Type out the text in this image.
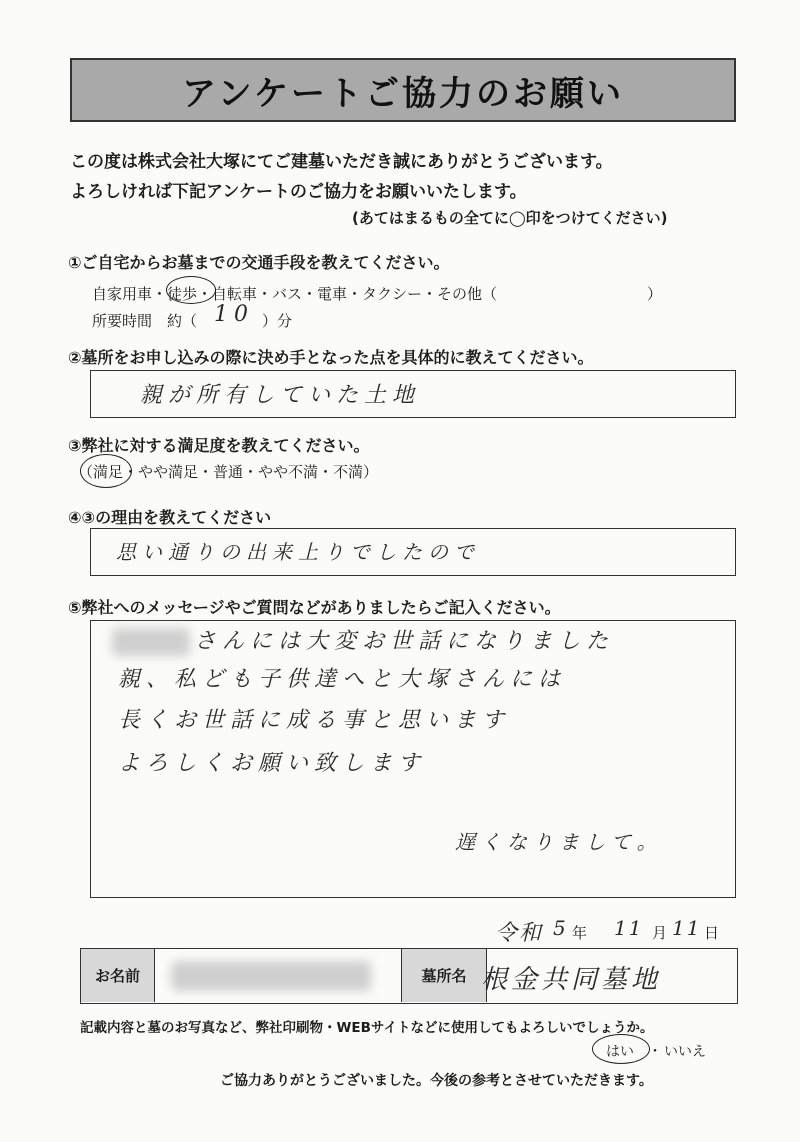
アンケートご協力のお願い
この度は株式会社大塚にてご建墓いただき誠にありがとうございます。
よろしければ下記アンケートのご協力をお願いいたします。
(あてはまるもの全てに◯印をつけてください)
①ご自宅からお墓までの交通手段を教えてください。
自家用車・徒歩・自転車・バス・電車・タクシー・その他（　　　　　　　　　　）
所要時間　約（ 10 ）分
②墓所をお申し込みの際に決め手となった点を具体的に教えてください。
親が所有していた土地
③弊社に対する満足度を教えてください。
（満足・やや満足・普通・やや不満・不満）
④③の理由を教えてください
思い通りの出来上りでしたので
⑤弊社へのメッセージやご質問などがありましたらご記入ください。
さんには大変お世話になりました
親、私ども子供達へと大塚さんには
長くお世話に成る事と思います
よろしくお願い致します
遅くなりまして。
令和 5 年 11 月 11 日
お名前	墓所名 根金共同墓地
記載内容と墓のお写真など、弊社印刷物・WEBサイトなどに使用してもよろしいでしょうか。
はい ・ いいえ
ご協力ありがとうございました。今後の参考とさせていただきます。
